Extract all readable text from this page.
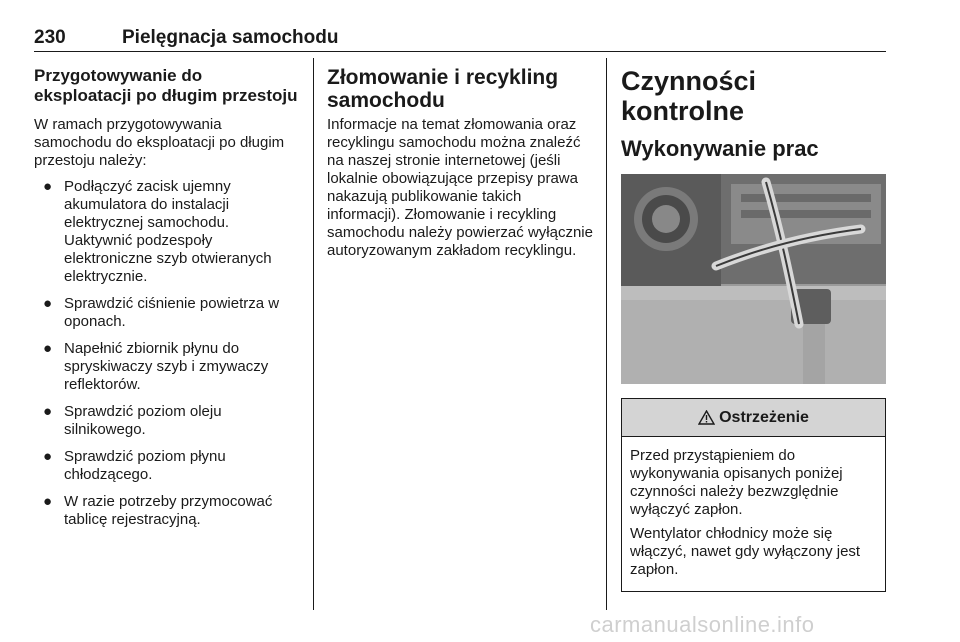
230	Pielęgnacja samochodu
Przygotowywanie do eksploatacji po długim przestoju

W ramach przygotowywania samochodu do eksploatacji po długim przestoju należy:

● Podłączyć zacisk ujemny akumulatora do instalacji elektrycznej samochodu. Uaktywnić podzespoły elektroniczne szyb otwieranych elektrycznie.
● Sprawdzić ciśnienie powietrza w oponach.
● Napełnić zbiornik płynu do spryskiwaczy szyb i zmywaczy reflektorów.
● Sprawdzić poziom oleju silnikowego.
● Sprawdzić poziom płynu chłodzącego.
● W razie potrzeby przymocować tablicę rejestracyjną.
Złomowanie i recykling samochodu

Informacje na temat złomowania oraz recyklingu samochodu można znaleźć na naszej stronie internetowej (jeśli lokalnie obowiązujące przepisy prawa nakazują publikowanie takich informacji). Złomowanie i recykling samochodu należy powierzać wyłącznie autoryzowanym zakładom recyklingu.

Czynności kontrolne
Wykonywanie prac
Ostrzeżenie

Przed przystąpieniem do wykonywania opisanych poniżej czynności należy bezwzględnie wyłączyć zapłon.

Wentylator chłodnicy może się włączyć, nawet gdy wyłączony jest zapłon.

carmanualsonline.info
